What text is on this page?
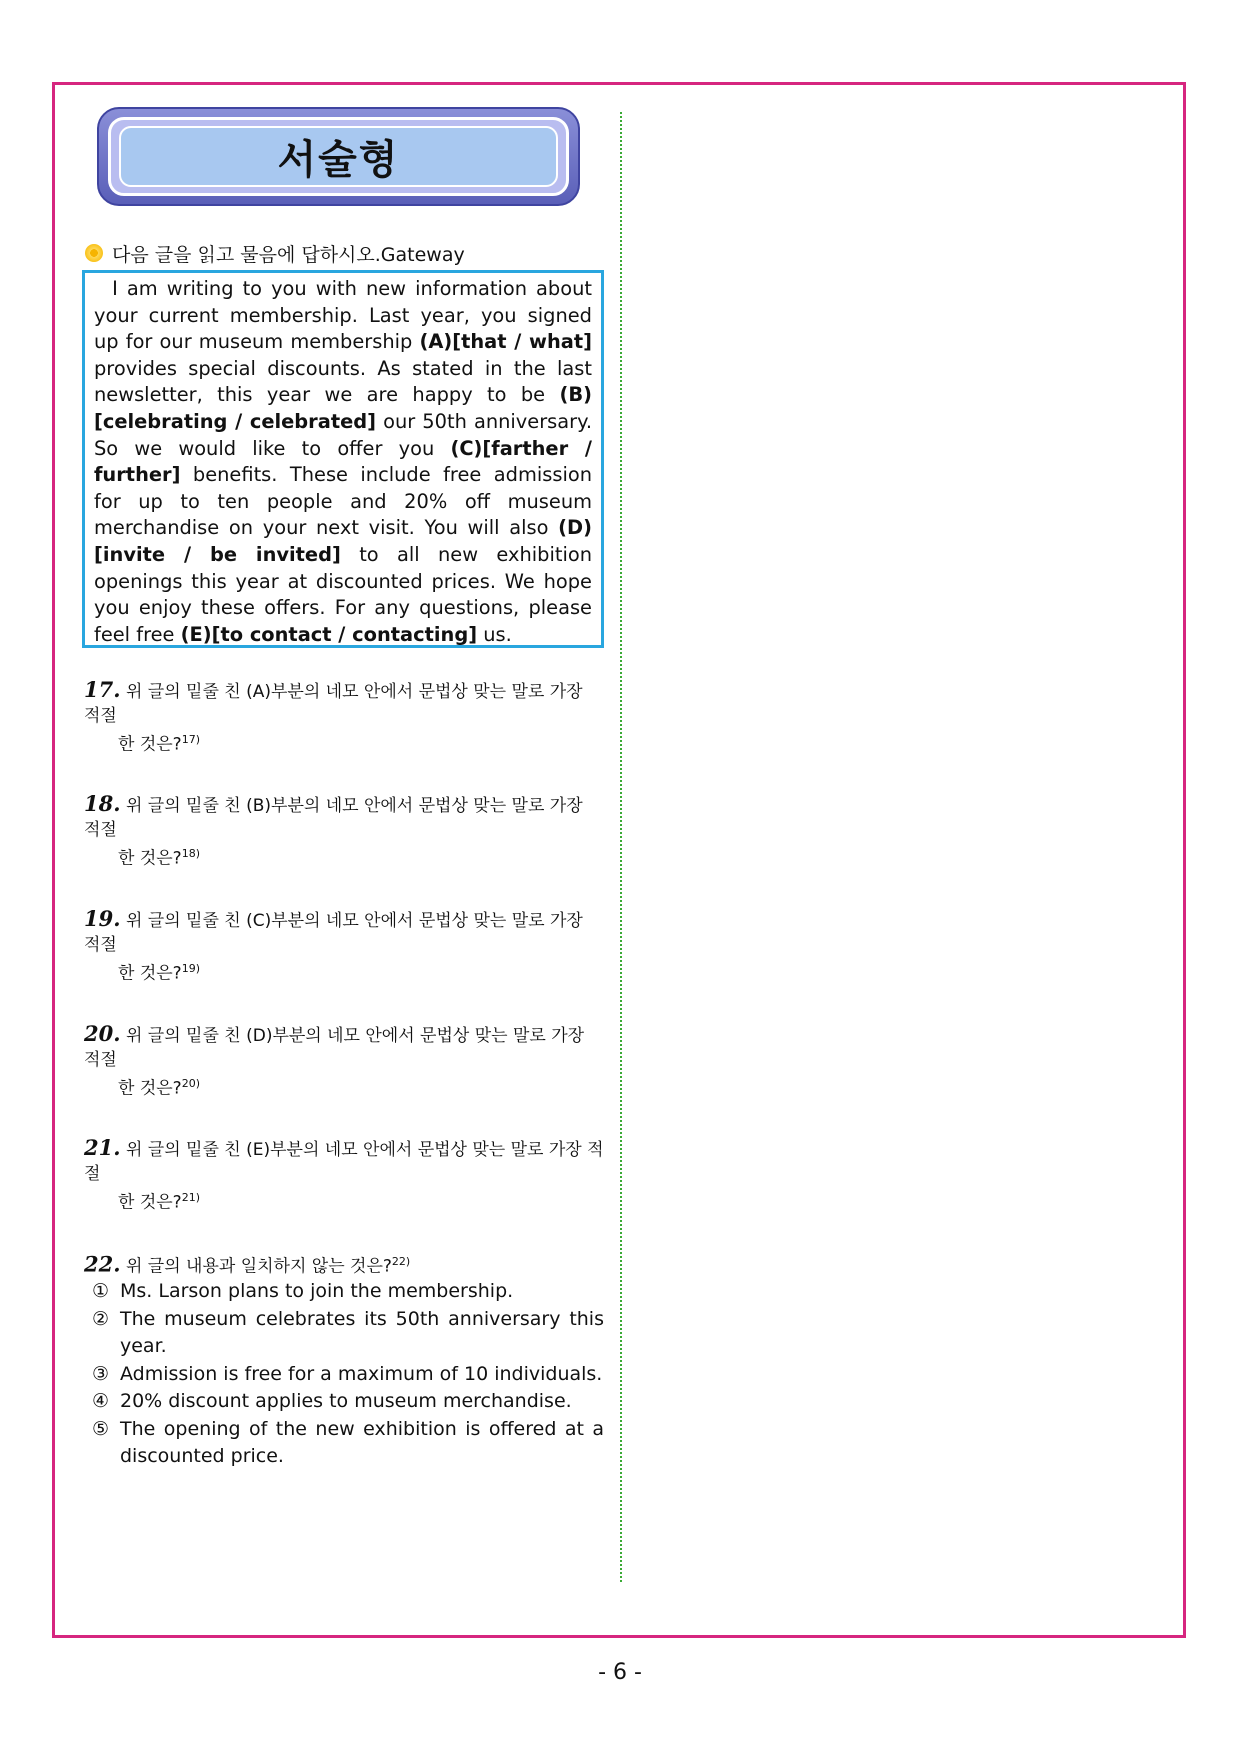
서술형
다음 글을 읽고 물음에 답하시오.Gateway
I am writing to you with new information about your current membership. Last year, you signed up for our museum membership (A)[that / what] provides special discounts. As stated in the last newsletter, this year we are happy to be (B)[celebrating / celebrated] our 50th anniversary. So we would like to offer you (C)[farther / further] benefits. These include free admission for up to ten people and 20% off museum merchandise on your next visit. You will also (D)[invite / be invited] to all new exhibition openings this year at discounted prices. We hope you enjoy these offers. For any questions, please feel free (E)[to contact / contacting] us.
17. 위 글의 밑줄 친 (A)부분의 네모 안에서 문법상 맞는 말로 가장 적절
한 것은?$^{17)}$
18. 위 글의 밑줄 친 (B)부분의 네모 안에서 문법상 맞는 말로 가장 적절
한 것은?$^{18)}$
19. 위 글의 밑줄 친 (C)부분의 네모 안에서 문법상 맞는 말로 가장 적절
한 것은?$^{19)}$
20. 위 글의 밑줄 친 (D)부분의 네모 안에서 문법상 맞는 말로 가장 적절
한 것은?$^{20)}$
21. 위 글의 밑줄 친 (E)부분의 네모 안에서 문법상 맞는 말로 가장 적절
한 것은?$^{21)}$
22. 위 글의 내용과 일치하지 않는 것은?$^{22)}$
① Ms. Larson plans to join the membership.
② The museum celebrates its 50th anniversary this year.
③ Admission is free for a maximum of 10 individuals.
④ 20% discount applies to museum merchandise.
⑤ The opening of the new exhibition is offered at a discounted price.
- 6 -
